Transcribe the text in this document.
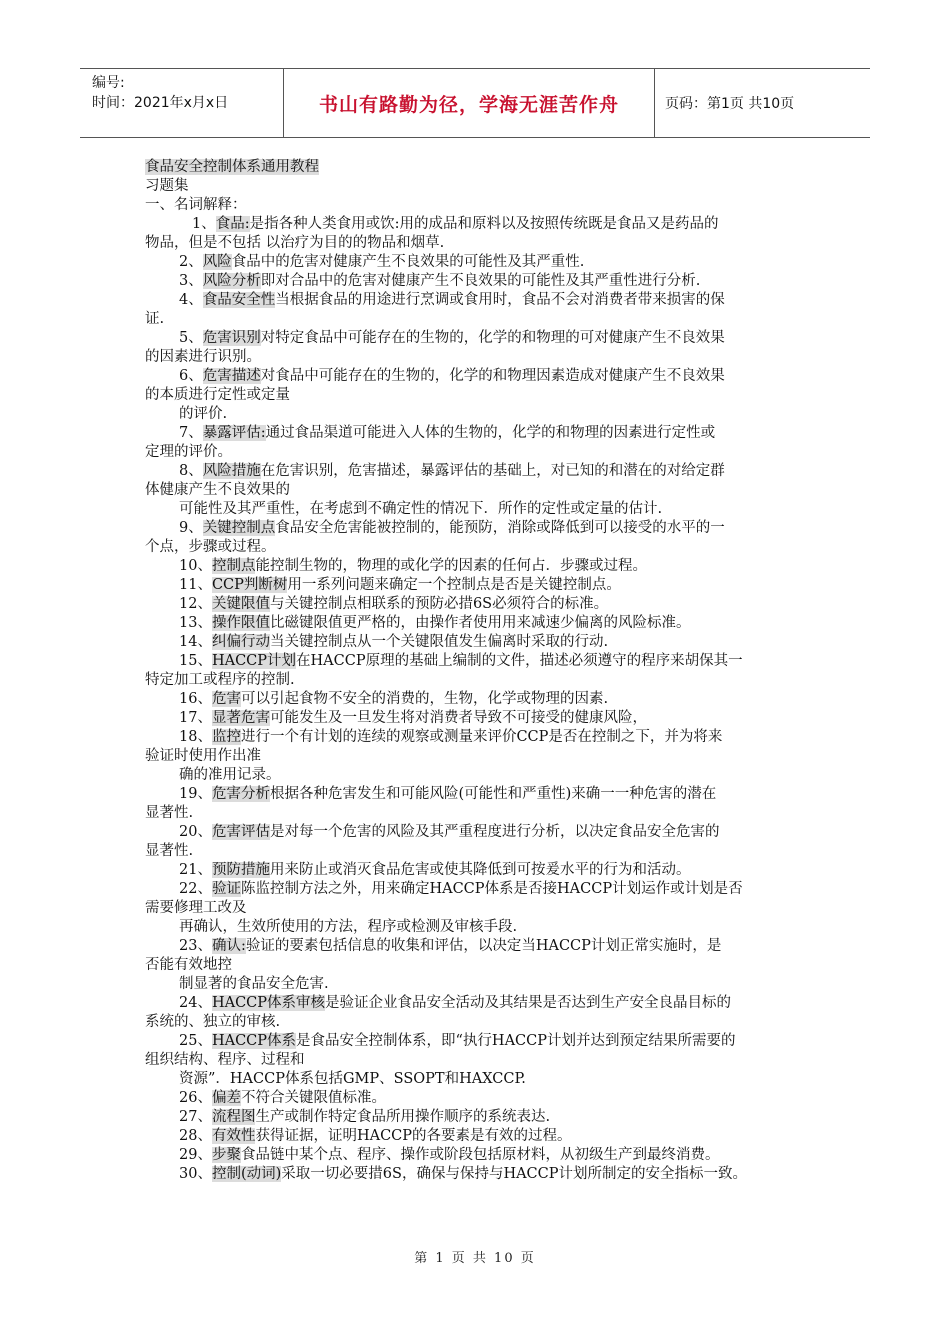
编号:
时间：2021年x月x日	书山有路勤为径，学海无涯苦作舟	页码：第1页 共10页
食品安全控制体系通用教程
习题集
一、名词解释：
1、食品:是指各种人类食用或饮:用的成品和原料以及按照传统既是食品又是药品的
物品，但是不包括 以治疗为目的的物品和烟草.
2、风险食品中的危害对健康产生不良效果的可能性及其严重性.
3、风险分析即对合品中的危害对健康产生不良效果的可能性及其严重性进行分析.
4、食品安全性当根据食品的用途进行烹调或食用时，食品不会对消费者带来损害的保
证.
5、危害识别对特定食品中可能存在的生物的，化学的和物理的可对健康产生不良效果
的因素进行识别。
6、危害描述对食品中可能存在的生物的，化学的和物理因素造成对健康产生不良效果
的本质进行定性或定量
的评价.
7、暴露评估:通过食品渠道可能进入人体的生物的，化学的和物理的因素进行定性或
定理的评价。
8、风险措施在危害识别，危害描述，暴露评估的基础上，对已知的和潜在的对给定群
体健康产生不良效果的
可能性及其严重性，在考虑到不确定性的情况下．所作的定性或定量的估计.
9、关键控制点食品安全危害能被控制的，能预防，消除或降低到可以接受的水平的一
个点，步骤或过程。
10、控制点能控制生物的，物理的或化学的因素的任何占．步骤或过程。
11、CCP判断树用一系列问题来确定一个控制点是否是关键控制点。
12、关键限值与关键控制点相联系的预防必措6S必须符合的标准。
13、操作限值比磁键限值更严格的，由操作者使用用来减速少偏离的风险标准。
14、纠偏行动当关键控制点从一个关键限值发生偏离时采取的行动.
15、HACCP计划在HACCP原理的基础上编制的文件，描述必须遵守的程序来胡保其一
特定加工或程序的控制.
16、危害可以引起食物不安全的消费的，生物，化学或物理的因素.
17、显著危害可能发生及一旦发生将对消费者导致不可接受的健康风险，
18、监控进行一个有计划的连续的观察或测量来评价CCP是否在控制之下，并为将来
验证时使用作出准
确的准用记录。
19、危害分析根据各种危害发生和可能风险(可能性和严重性)来确一一种危害的潜在
显著性.
20、危害评估是对每一个危害的风险及其严重程度进行分析，以决定食品安全危害的
显著性.
21、预防措施用来防止或消灭食品危害或使其降低到可按爰水平的行为和活动。
22、验证陈监控制方法之外，用来确定HACCP体系是否接HACCP计划运作或计划是否
需要修理工改及
再确认，生效所使用的方法，程序或检测及审核手段.
23、确认:验证的要素包括信息的收集和评估，以决定当HACCP计划正常实施时，是
否能有效地控
制显著的食品安全危害.
24、HACCP体系审核是验证企业食品安全活动及其结果是否达到生产安全良晶目标的
系统的、独立的审核.
25、HACCP体系是食品安全控制体系，即“执行HACCP计划并达到预定结果所需要的
组织结构、程序、过程和
资源”．HACCP体系包括GMP、SSOPT和HAXCCP.
26、偏差不符合关键限值标准。
27、流程图生产或制作特定食品所用操作顺序的系统表达.
28、有效性获得证据，证明HACCP的各要素是有效的过程。
29、步聚食品链中某个点、程序、操作或阶段包括原材料，从初级生产到最终消费。
30、控制(动词)采取一切必要措6S，确保与保持与HACCP计划所制定的安全指标一致。
第 1 页 共 10 页
